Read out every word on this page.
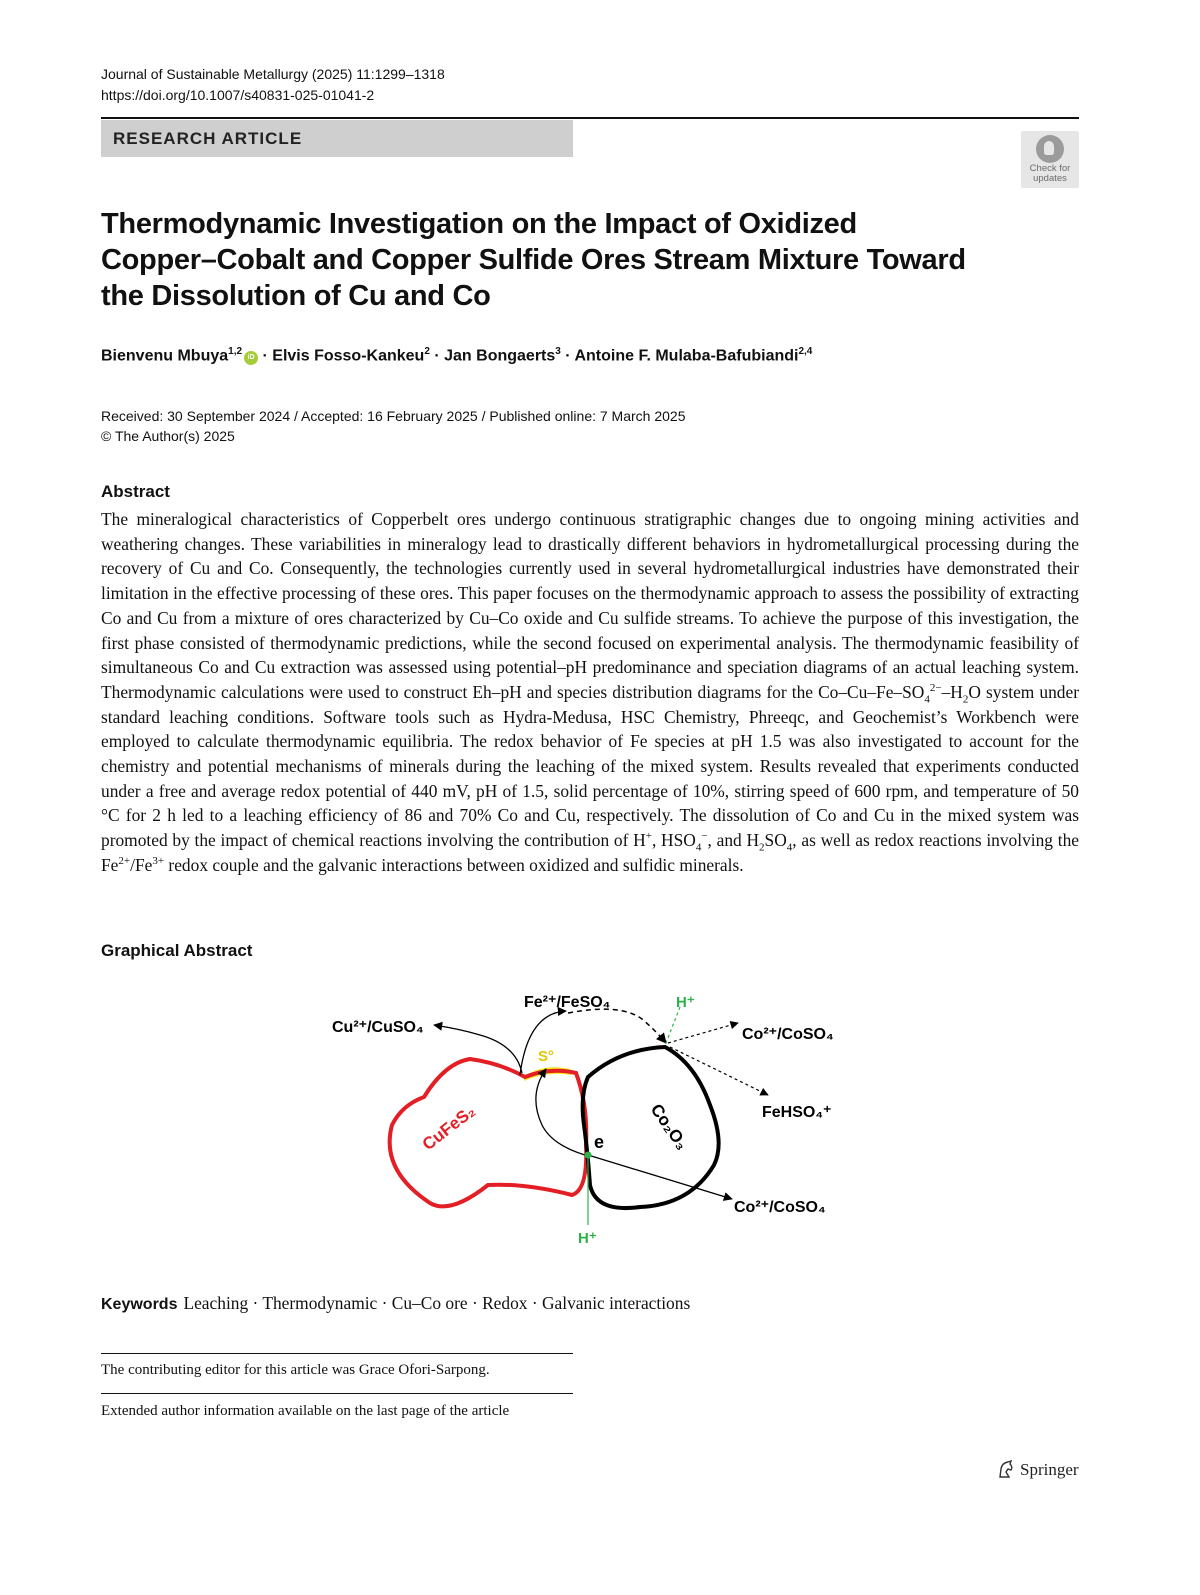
Journal of Sustainable Metallurgy (2025) 11:1299–1318
https://doi.org/10.1007/s40831-025-01041-2
RESEARCH ARTICLE
Check for
updates
Thermodynamic Investigation on the Impact of Oxidized
Copper–Cobalt and Copper Sulfide Ores Stream Mixture Toward
the Dissolution of Cu and Co
Bienvenu Mbuya$^{1,2}$iD · Elvis Fosso-Kankeu$^2$ · Jan Bongaerts$^3$ · Antoine F. Mulaba-Bafubiandi$^{2,4}$
Received: 30 September 2024 / Accepted: 16 February 2025 / Published online: 7 March 2025
© The Author(s) 2025
Abstract
The mineralogical characteristics of Copperbelt ores undergo continuous stratigraphic changes due to ongoing mining activities and weathering changes. These variabilities in mineralogy lead to drastically different behaviors in hydrometallurgical processing during the recovery of Cu and Co. Consequently, the technologies currently used in several hydrometallurgical industries have demonstrated their limitation in the effective processing of these ores. This paper focuses on the thermodynamic approach to assess the possibility of extracting Co and Cu from a mixture of ores characterized by Cu–Co oxide and Cu sulfide streams. To achieve the purpose of this investigation, the first phase consisted of thermodynamic predictions, while the second focused on experimental analysis. The thermodynamic feasibility of simultaneous Co and Cu extraction was assessed using potential–pH predominance and speciation diagrams of an actual leaching system. Thermodynamic calculations were used to construct Eh–pH and species distribution diagrams for the $Co-Cu-Fe-SO_4^{2-}-H_2O$ system under standard leaching conditions. Software tools such as Hydra-Medusa, HSC Chemistry, Phreeqc, and Geochemist’s Workbench were employed to calculate thermodynamic equilibria. The redox behavior of Fe species at pH 1.5 was also investigated to account for the chemistry and potential mechanisms of minerals during the leaching of the mixed system. Results revealed that experiments conducted under a free and average redox potential of 440 mV, pH of 1.5, solid percentage of 10%, stirring speed of 600 rpm, and temperature of 50 °C for 2 h led to a leaching efficiency of 86 and 70% Co and Cu, respectively. The dissolution of Co and Cu in the mixed system was promoted by the impact of chemical reactions involving the contribution of H+, $HSO_4^-$, and $H_2SO_4$, as well as redox reactions involving the $Fe^{2+}/Fe^{3+}$ redox couple and the galvanic interactions between oxidized and sulfidic minerals.
Graphical Abstract
Cu²⁺/CuSO₄
Fe²⁺/FeSO₄	H⁺
Co²⁺/CoSO₄
S°
CuFeS₂	Co₂O₃	FeHSO₄⁺
e
Co²⁺/CoSO₄
H⁺
Keywords Leaching · Thermodynamic · Cu–Co ore · Redox · Galvanic interactions
The contributing editor for this article was Grace Ofori-Sarpong.
Extended author information available on the last page of the article
Springer
